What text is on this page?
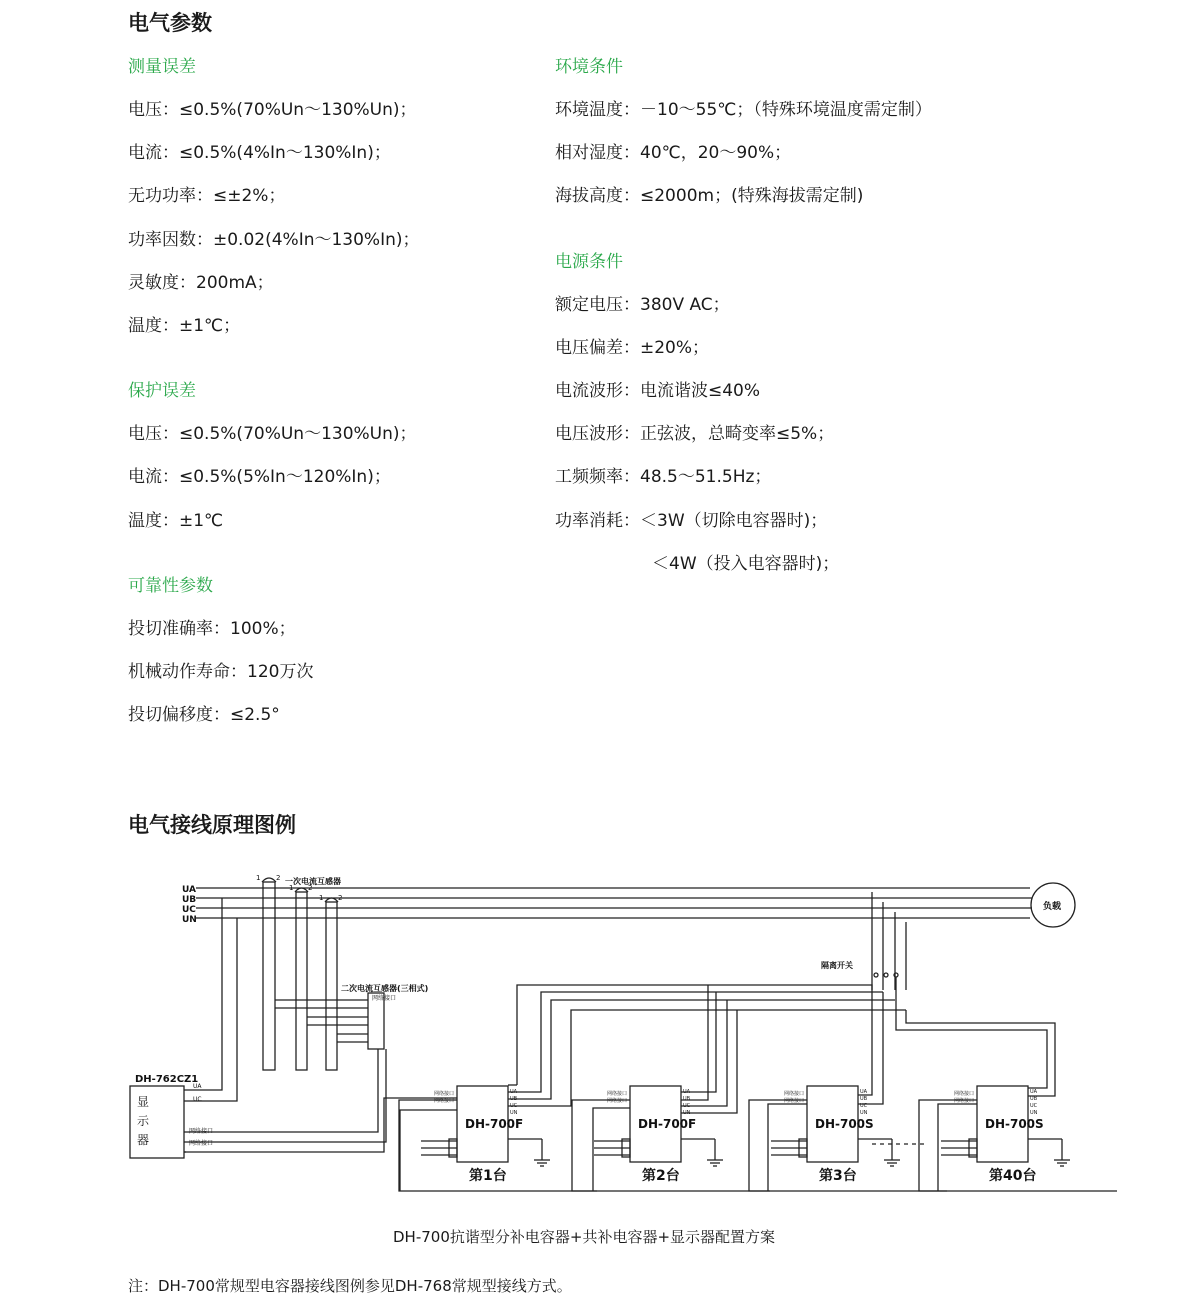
电气参数
测量误差
电压：≤0.5%(70%Un～130%Un)；
电流：≤0.5%(4%In～130%In)；
无功功率：≤±2%；
功率因数：±0.02(4%In～130%In)；
灵敏度：200mA；
温度：±1℃；
保护误差
电压：≤0.5%(70%Un～130%Un)；
电流：≤0.5%(5%In～120%In)；
温度：±1℃
可靠性参数
投切准确率：100%；
机械动作寿命：120万次
投切偏移度：≤2.5°
环境条件
环境温度：－10～55℃；（特殊环境温度需定制）
相对湿度：40℃，20～90%；
海拔高度：≤2000m；(特殊海拔需定制)
电源条件
额定电压：380V AC；
电压偏差：±20%；
电流波形：电流谐波≤40%
电压波形：正弦波，总畸变率≤5%；
工频频率：48.5～51.5Hz；
功率消耗：＜3W（切除电容器时)；
＜4W（投入电容器时)；
电气接线原理图例
UA
UB
UC
UN
负载
一次电流互感器
1 2
1 2
1 2
网络接口
二次电流互感器(三相式)
DH-762CZ1
显
示
器
UA
UC
网络接口
网络接口
隔离开关
DH-700F
第1台
UA
UB
UC
UN
网络接口
网络接口
DH-700F
第2台
UA
UB
UC
UN
网络接口
网络接口
DH-700S
第3台
UA
UB
UC
UN
网络接口
网络接口
DH-700S
第40台
UA
UB
UC
UN
网络接口
网络接口
DH-700抗谐型分补电容器+共补电容器+显示器配置方案
注：DH-700常规型电容器接线图例参见DH-768常规型接线方式。
